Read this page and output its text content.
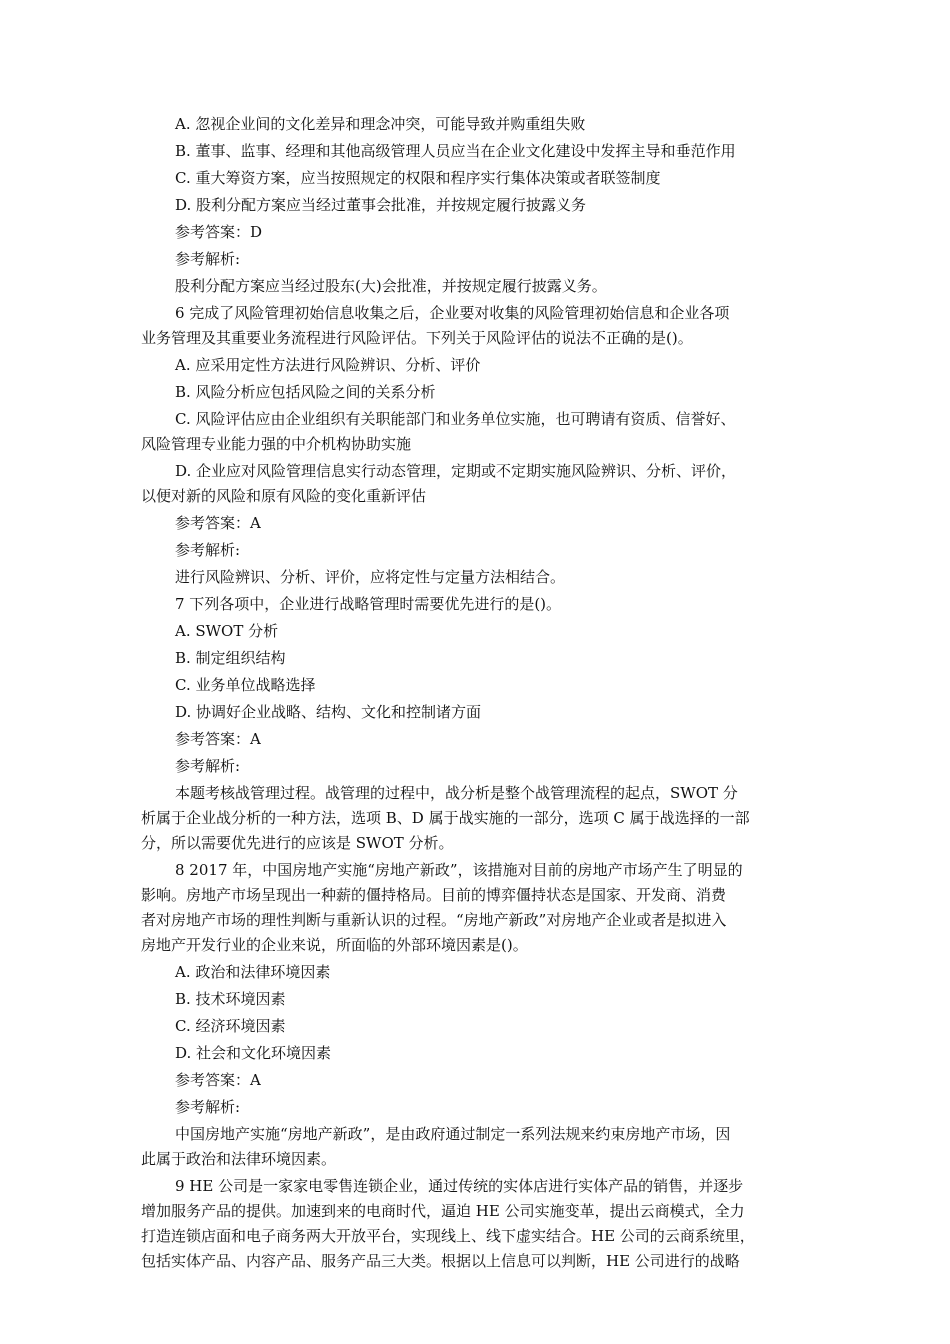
A. 忽视企业间的文化差异和理念冲突，可能导致并购重组失败
B. 董事、监事、经理和其他高级管理人员应当在企业文化建设中发挥主导和垂范作用
C. 重大筹资方案，应当按照规定的权限和程序实行集体决策或者联签制度
D. 股利分配方案应当经过董事会批准，并按规定履行披露义务
参考答案：D
参考解析:
股利分配方案应当经过股东(大)会批准，并按规定履行披露义务。
6 完成了风险管理初始信息收集之后，企业要对收集的风险管理初始信息和企业各项
业务管理及其重要业务流程进行风险评估。下列关于风险评估的说法不正确的是()。
A. 应采用定性方法进行风险辨识、分析、评价
B. 风险分析应包括风险之间的关系分析
C. 风险评估应由企业组织有关职能部门和业务单位实施，也可聘请有资质、信誉好、
风险管理专业能力强的中介机构协助实施
D. 企业应对风险管理信息实行动态管理，定期或不定期实施风险辨识、分析、评价，
以便对新的风险和原有风险的变化重新评估
参考答案：A
参考解析:
进行风险辨识、分析、评价，应将定性与定量方法相结合。
7 下列各项中，企业进行战略管理时需要优先进行的是()。
A. SWOT 分析
B. 制定组织结构
C. 业务单位战略选择
D. 协调好企业战略、结构、文化和控制诸方面
参考答案：A
参考解析:
本题考核战管理过程。战管理的过程中，战分析是整个战管理流程的起点，SWOT 分
析属于企业战分析的一种方法，选项 B、D 属于战实施的一部分，选项 C 属于战选择的一部
分，所以需要优先进行的应该是 SWOT 分析。
8 2017 年，中国房地产实施“房地产新政”，该措施对目前的房地产市场产生了明显的
影响。房地产市场呈现出一种薪的僵持格局。目前的博弈僵持状态是国家、开发商、消费
者对房地产市场的理性判断与重新认识的过程。“房地产新政”对房地产企业或者是拟进入
房地产开发行业的企业来说，所面临的外部环境因素是()。
A. 政治和法律环境因素
B. 技术环境因素
C. 经济环境因素
D. 社会和文化环境因素
参考答案：A
参考解析:
中国房地产实施“房地产新政”，是由政府通过制定一系列法规来约束房地产市场，因
此属于政治和法律环境因素。
9 HE 公司是一家家电零售连锁企业，通过传统的实体店进行实体产品的销售，并逐步
增加服务产品的提供。加速到来的电商时代，逼迫 HE 公司实施变革，提出云商模式，全力
打造连锁店面和电子商务两大开放平台，实现线上、线下虚实结合。HE 公司的云商系统里，
包括实体产品、内容产品、服务产品三大类。根据以上信息可以判断，HE 公司进行的战略
